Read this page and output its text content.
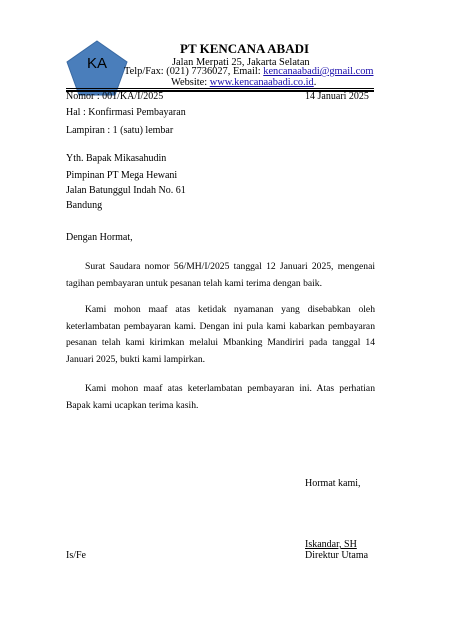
KA
PT KENCANA ABADI
Jalan Merpati 25, Jakarta Selatan
Telp/Fax: (021) 7736027, Email: kencanaabadi@gmail.com
Website: www.kencanaabadi.co.id.
Nomor : 001/KA/I/2025	14 Januari 2025
Hal : Konfirmasi Pembayaran
Lampiran : 1 (satu) lembar
Yth. Bapak Mikasahudin
Pimpinan PT Mega Hewani
Jalan Batunggul Indah No. 61
Bandung
Dengan Hormat,
Surat Saudara nomor 56/MH/I/2025 tanggal 12 Januari 2025, mengenai tagihan pembayaran untuk pesanan telah kami terima dengan baik.
Kami mohon maaf atas ketidak nyamanan yang disebabkan oleh keterlambatan pembayaran kami. Dengan ini pula kami kabarkan pembayaran pesanan telah kami kirimkan melalui Mbanking Mandiriri pada tanggal 14 Januari 2025, bukti kami lampirkan.
Kami mohon maaf atas keterlambatan pembayaran ini. Atas perhatian Bapak kami ucapkan terima kasih.
Hormat kami,
Iskandar, SH
Direktur Utama
Is/Fe
